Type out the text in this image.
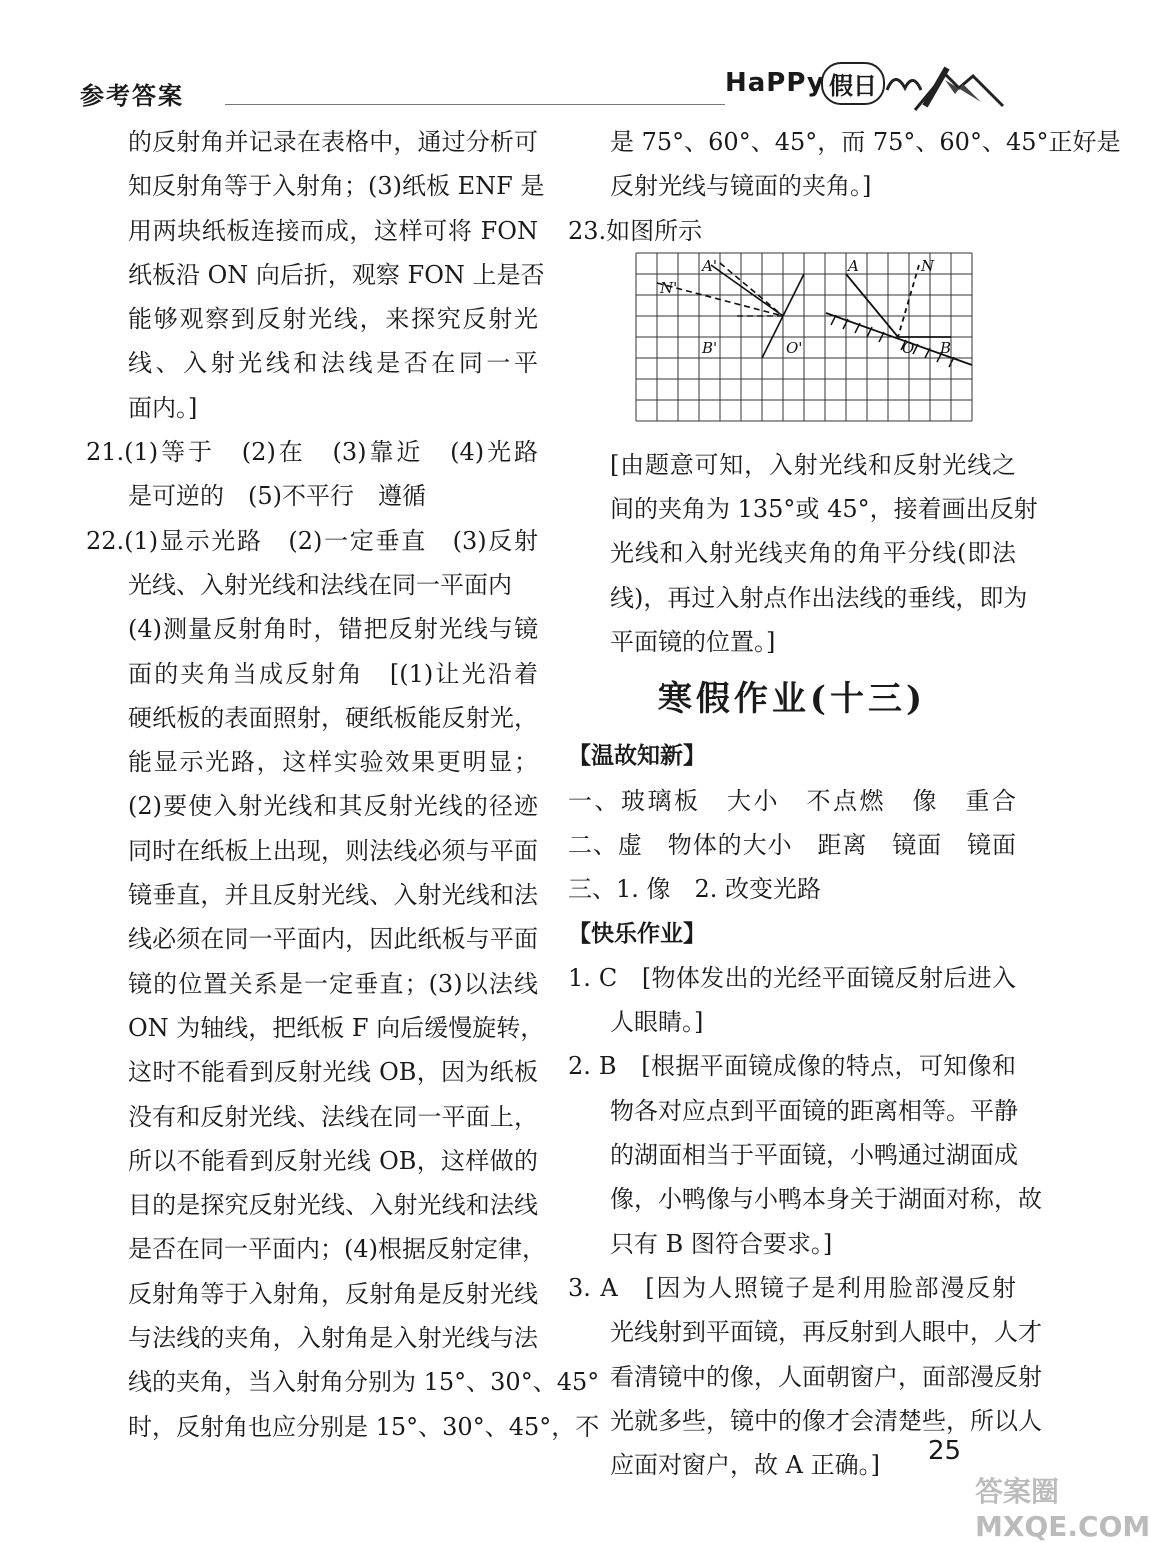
参考答案	HaPPy 假日
的反射角并记录在表格中，通过分析可
知反射角等于入射角；(3)纸板 ENF 是
用两块纸板连接而成，这样可将 FON
纸板沿 ON 向后折，观察 FON 上是否
能够观察到反射光线，来探究反射光
线、入射光线和法线是否在同一平
面内。]
21.(1)等于　(2)在　(3)靠近　(4)光路
是可逆的　(5)不平行　遵循
22.(1)显示光路　(2)一定垂直　(3)反射
光线、入射光线和法线在同一平面内
(4)测量反射角时，错把反射光线与镜
面的夹角当成反射角　[(1)让光沿着
硬纸板的表面照射，硬纸板能反射光，
能显示光路，这样实验效果更明显；
(2)要使入射光线和其反射光线的径迹
同时在纸板上出现，则法线必须与平面
镜垂直，并且反射光线、入射光线和法
线必须在同一平面内，因此纸板与平面
镜的位置关系是一定垂直；(3)以法线
ON 为轴线，把纸板 F 向后缓慢旋转，
这时不能看到反射光线 OB，因为纸板
没有和反射光线、法线在同一平面上，
所以不能看到反射光线 OB，这样做的
目的是探究反射光线、入射光线和法线
是否在同一平面内；(4)根据反射定律，
反射角等于入射角，反射角是反射光线
与法线的夹角，入射角是入射光线与法
线的夹角，当入射角分别为 15°、30°、45°
时，反射角也应分别是 15°、30°、45°，不
是 75°、60°、45°，而 75°、60°、45°正好是
反射光线与镜面的夹角。]
23.如图所示
A'
N'
B'	O'
A	N
O B
[由题意可知，入射光线和反射光线之
间的夹角为 135°或 45°，接着画出反射
光线和入射光线夹角的角平分线(即法
线)，再过入射点作出法线的垂线，即为
平面镜的位置。]
寒假作业(十三)
【温故知新】
一、玻璃板　大小　不点燃　像　重合
二、虚　物体的大小　距离　镜面　镜面
三、1. 像　2. 改变光路
【快乐作业】
1. C　[物体发出的光经平面镜反射后进入
人眼睛。]
2. B　[根据平面镜成像的特点，可知像和
物各对应点到平面镜的距离相等。平静
的湖面相当于平面镜，小鸭通过湖面成
像，小鸭像与小鸭本身关于湖面对称，故
只有 B 图符合要求。]
3. A　[因为人照镜子是利用脸部漫反射
光线射到平面镜，再反射到人眼中，人才
看清镜中的像，人面朝窗户，面部漫反射
光就多些，镜中的像才会清楚些，所以人
应面对窗户，故 A 正确。]	25
答案圈 MXQE.COM
